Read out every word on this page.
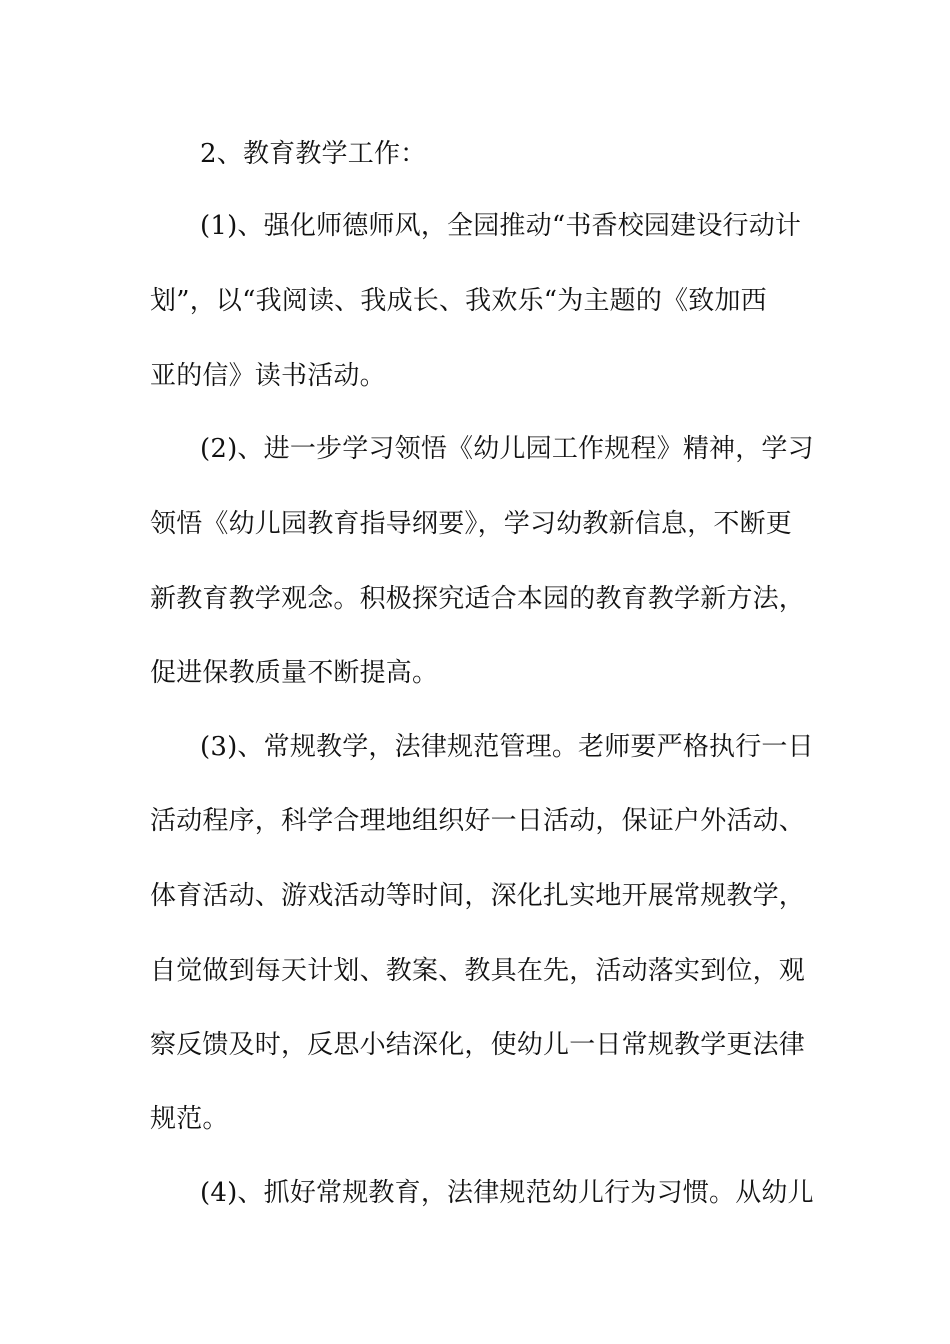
2、教育教学工作：
(1)、强化师德师风，全园推动“书香校园建设行动计
划”，以“我阅读、我成长、我欢乐“为主题的《致加西
亚的信》读书活动。
(2)、进一步学习领悟《幼儿园工作规程》精神，学习
领悟《幼儿园教育指导纲要》，学习幼教新信息，不断更
新教育教学观念。积极探究适合本园的教育教学新方法，
促进保教质量不断提高。
(3)、常规教学，法律规范管理。老师要严格执行一日
活动程序，科学合理地组织好一日活动，保证户外活动、
体育活动、游戏活动等时间，深化扎实地开展常规教学，
自觉做到每天计划、教案、教具在先，活动落实到位，观
察反馈及时，反思小结深化，使幼儿一日常规教学更法律
规范。
(4)、抓好常规教育，法律规范幼儿行为习惯。从幼儿
